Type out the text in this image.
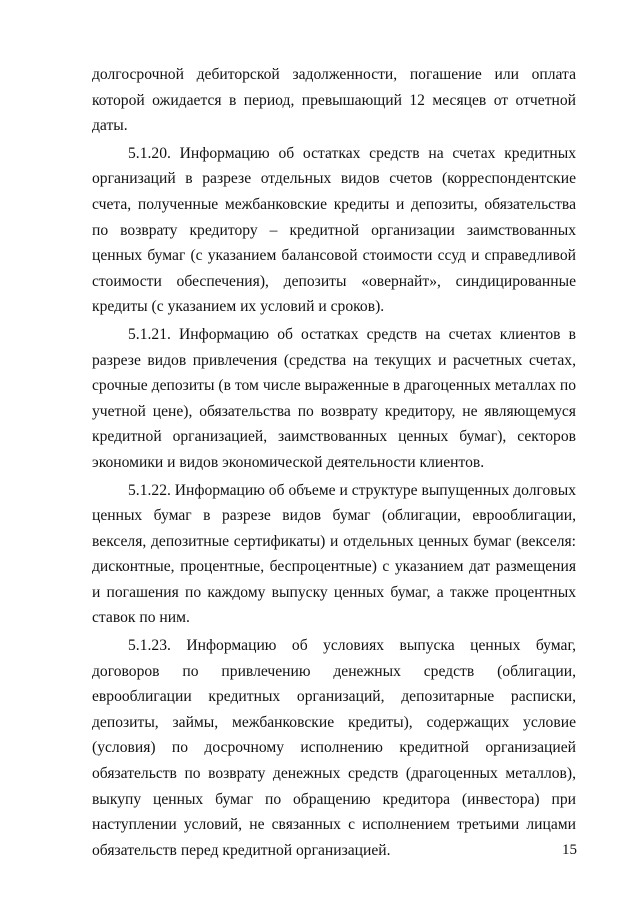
долгосрочной дебиторской задолженности, погашение или оплата которой ожидается в период, превышающий 12 месяцев от отчетной даты.

5.1.20. Информацию об остатках средств на счетах кредитных организаций в разрезе отдельных видов счетов (корреспондентские счета, полученные межбанковские кредиты и депозиты, обязательства по возврату кредитору – кредитной организации заимствованных ценных бумаг (с указанием балансовой стоимости ссуд и справедливой стоимости обеспечения), депозиты «овернайт», синдицированные кредиты (с указанием их условий и сроков).

5.1.21. Информацию об остатках средств на счетах клиентов в разрезе видов привлечения (средства на текущих и расчетных счетах, срочные депозиты (в том числе выраженные в драгоценных металлах по учетной цене), обязательства по возврату кредитору, не являющемуся кредитной организацией, заимствованных ценных бумаг), секторов экономики и видов экономической деятельности клиентов.

5.1.22. Информацию об объеме и структуре выпущенных долговых ценных бумаг в разрезе видов бумаг (облигации, еврооблигации, векселя, депозитные сертификаты) и отдельных ценных бумаг (векселя: дисконтные, процентные, беспроцентные) с указанием дат размещения и погашения по каждому выпуску ценных бумаг, а также процентных ставок по ним.

5.1.23. Информацию об условиях выпуска ценных бумаг, договоров по привлечению денежных средств (облигации, еврооблигации кредитных организаций, депозитарные расписки, депозиты, займы, межбанковские кредиты), содержащих условие (условия) по досрочному исполнению кредитной организацией обязательств по возврату денежных средств (драгоценных металлов), выкупу ценных бумаг по обращению кредитора (инвестора) при наступлении условий, не связанных с исполнением третьими лицами обязательств перед кредитной организацией.	15
